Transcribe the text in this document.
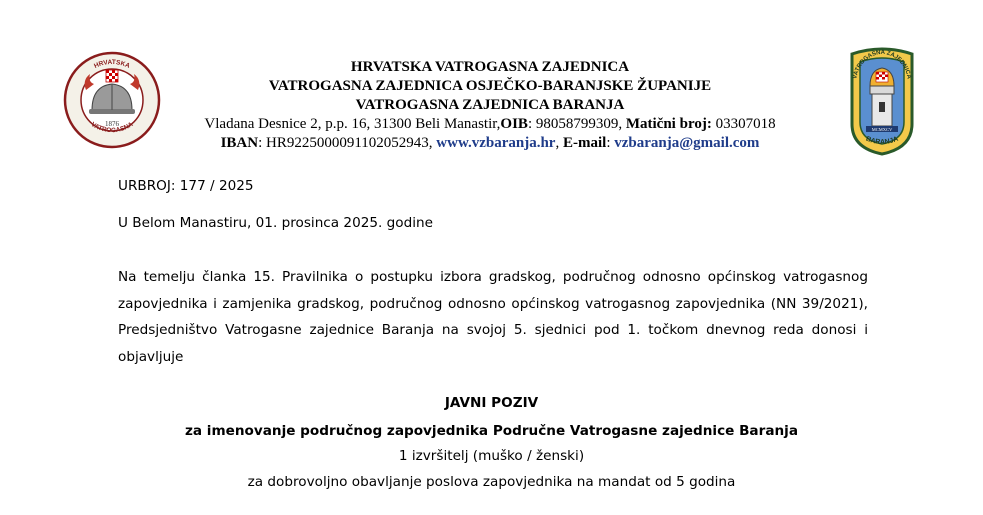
1876
HRVATSKA
VATROGASNA
MCMXCV
VATROGASNA ZAJEDNICA
BARANJA
HRVATSKA VATROGASNA ZAJEDNICA
VATROGASNA ZAJEDNICA OSJEČKO-BARANJSKE ŽUPANIJE
VATROGASNA ZAJEDNICA BARANJA
Vladana Desnice 2, p.p. 16, 31300 Beli Manastir,OIB: 98058799309, Matični broj: 03307018
IBAN: HR9225000091102052943, www.vzbaranja.hr, E-mail: vzbaranja@gmail.com
URBROJ: 177 / 2025
U Belom Manastiru, 01. prosinca 2025. godine
Na temelju članka 15. Pravilnika o postupku izbora gradskog, područnog odnosno općinskog vatrogasnog zapovjednika i zamjenika gradskog, područnog odnosno općinskog vatrogasnog zapovjednika (NN 39/2021), Predsjedništvo Vatrogasne zajednice Baranja na svojoj 5. sjednici pod 1. točkom dnevnog reda donosi i objavljuje
JAVNI POZIV
za imenovanje područnog zapovjednika Područne Vatrogasne zajednice Baranja
1 izvršitelj (muško / ženski)
za dobrovoljno obavljanje poslova zapovjednika na mandat od 5 godina
